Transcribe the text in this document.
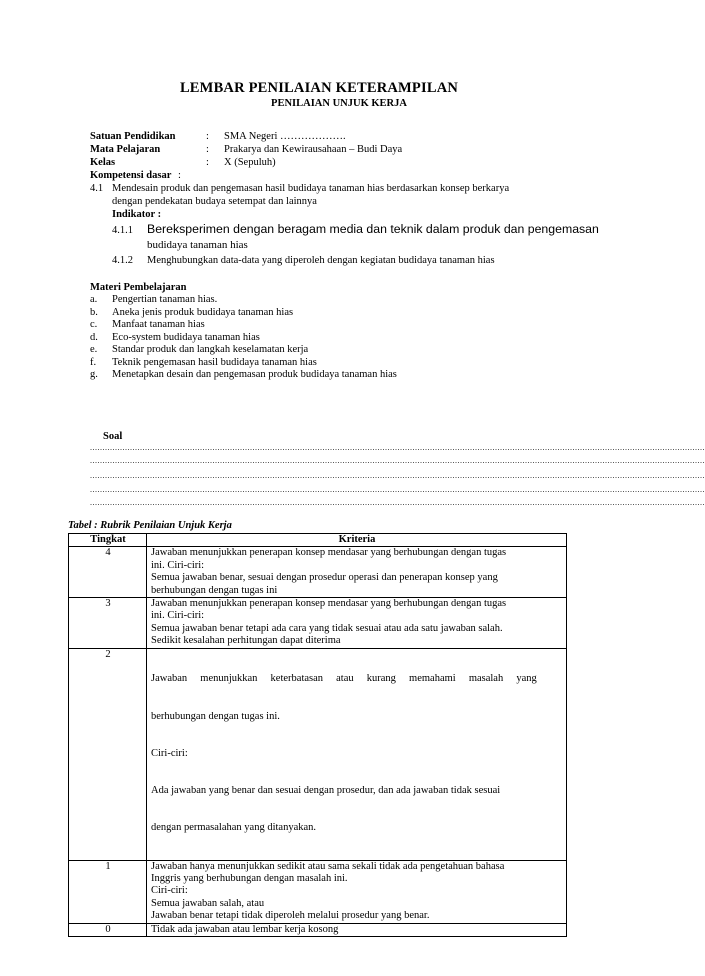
LEMBAR PENILAIAN KETERAMPILAN
PENILAIAN UNJUK KERJA
Satuan Pendidikan	: SMA Negeri ……………….
Mata Pelajaran	: Prakarya dan Kewirausahaan – Budi Daya
Kelas	: X (Sepuluh)
Kompetensi dasar :
4.1 Mendesain produk dan pengemasan hasil budidaya tanaman hias berdasarkan konsep berkarya
dengan pendekatan budaya setempat dan lainnya
Indikator :
4.1.1 Bereksperimen dengan beragam media dan teknik dalam produk dan pengemasan
budidaya tanaman hias
4.1.2 Menghubungkan data-data yang diperoleh dengan kegiatan budidaya tanaman hias
Materi Pembelajaran
a. Pengertian tanaman hias.
b. Aneka jenis produk budidaya tanaman hias
c. Manfaat tanaman hias
d. Eco-system budidaya tanaman hias
e. Standar produk dan langkah keselamatan kerja
f. Teknik pengemasan hasil budidaya tanaman hias
g. Menetapkan desain dan pengemasan produk budidaya tanaman hias
Soal
......................................................................................................................................................................................................................................................
......................................................................................................................................................................................................................................................
......................................................................................................................................................................................................................................................
......................................................................................................................................................................................................................................................
......................................................................................................................................................................................................................................................
Tabel : Rubrik Penilaian Unjuk Kerja
Tingkat	Kriteria
4	Jawaban menunjukkan penerapan konsep mendasar yang berhubungan dengan tugas
ini. Ciri-ciri:
Semua jawaban benar, sesuai dengan prosedur operasi dan penerapan konsep yang
berhubungan dengan tugas ini

3	Jawaban menunjukkan penerapan konsep mendasar yang berhubungan dengan tugas
ini. Ciri-ciri:
Semua jawaban benar tetapi ada cara yang tidak sesuai atau ada satu jawaban salah.
Sedikit kesalahan perhitungan dapat diterima

2	Jawaban     menunjukkan     keterbatasan     atau     kurang     memahami     masalah     yang

berhubungan dengan tugas ini.

Ciri-ciri:

Ada jawaban yang benar dan sesuai dengan prosedur, dan ada jawaban tidak sesuai

dengan permasalahan yang ditanyakan.

1	Jawaban hanya menunjukkan sedikit atau sama sekali tidak ada pengetahuan bahasa
Inggris yang berhubungan dengan masalah ini.
Ciri-ciri:
Semua jawaban salah, atau
Jawaban benar tetapi tidak diperoleh melalui prosedur yang benar.

0	Tidak ada jawaban atau lembar kerja kosong
